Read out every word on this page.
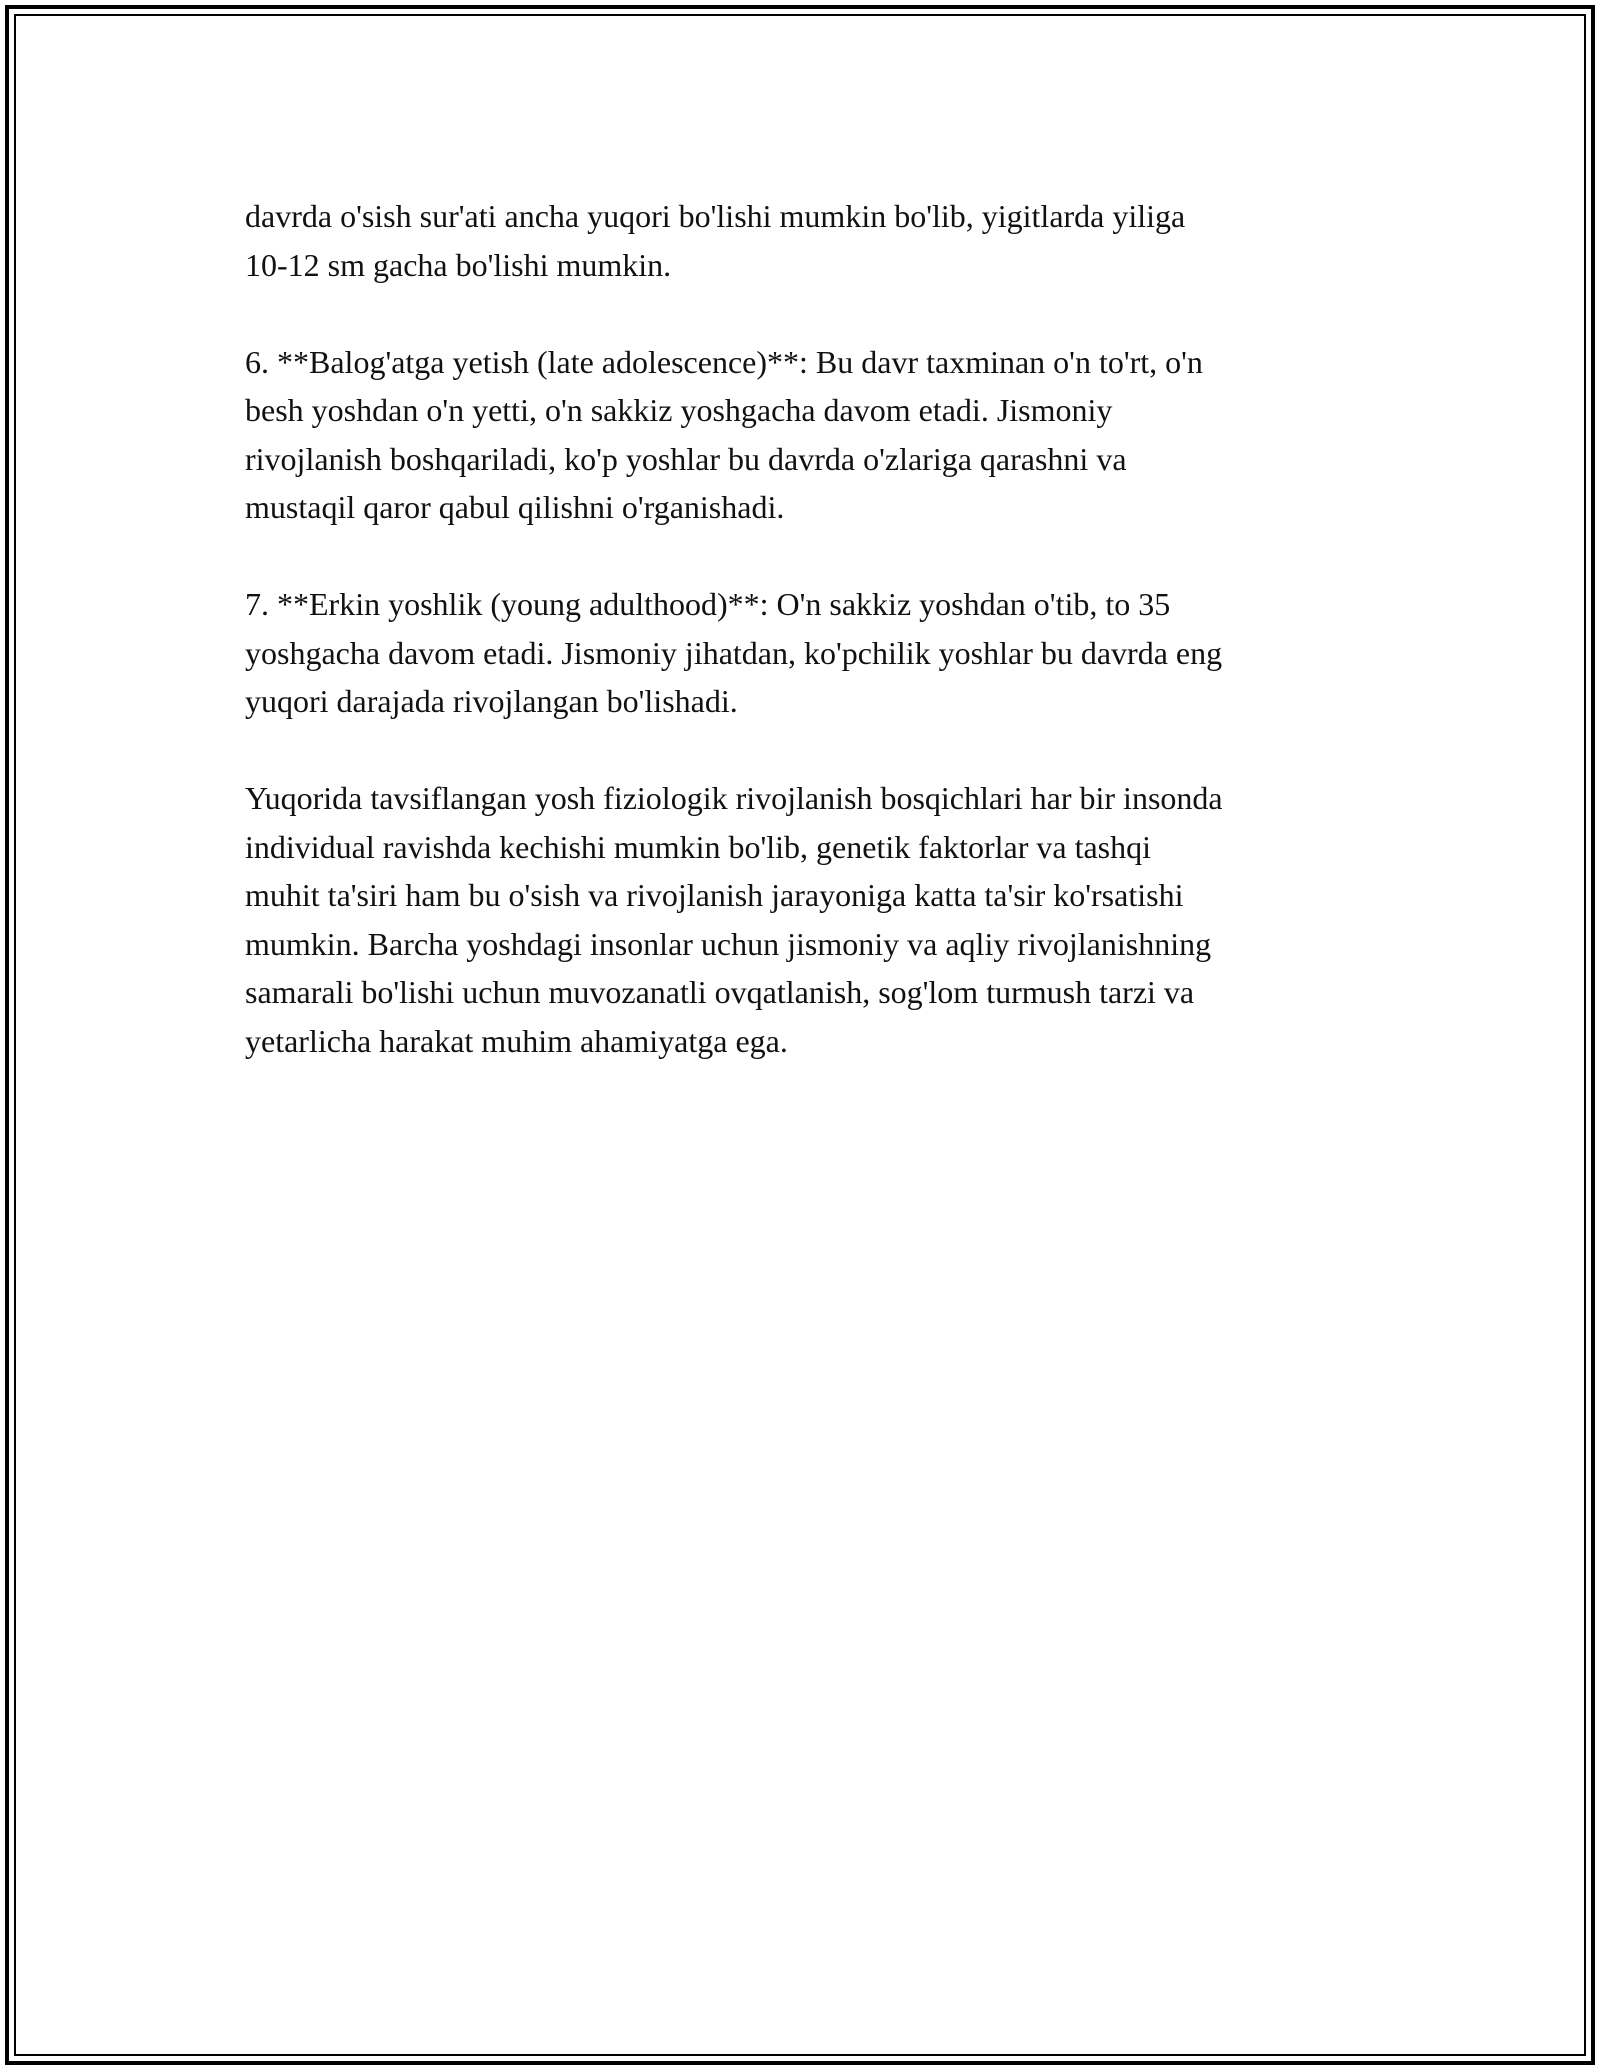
davrda o'sish sur'ati ancha yuqori bo'lishi mumkin bo'lib, yigitlarda yiliga
10-12 sm gacha bo'lishi mumkin.

6. **Balog'atga yetish (late adolescence)**: Bu davr taxminan o'n to'rt, o'n
besh yoshdan o'n yetti, o'n sakkiz yoshgacha davom etadi. Jismoniy
rivojlanish boshqariladi, ko'p yoshlar bu davrda o'zlariga qarashni va
mustaqil qaror qabul qilishni o'rganishadi.

7. **Erkin yoshlik (young adulthood)**: O'n sakkiz yoshdan o'tib, to 35
yoshgacha davom etadi. Jismoniy jihatdan, ko'pchilik yoshlar bu davrda eng
yuqori darajada rivojlangan bo'lishadi.

Yuqorida tavsiflangan yosh fiziologik rivojlanish bosqichlari har bir insonda
individual ravishda kechishi mumkin bo'lib, genetik faktorlar va tashqi
muhit ta'siri ham bu o'sish va rivojlanish jarayoniga katta ta'sir ko'rsatishi
mumkin. Barcha yoshdagi insonlar uchun jismoniy va aqliy rivojlanishning
samarali bo'lishi uchun muvozanatli ovqatlanish, sog'lom turmush tarzi va
yetarlicha harakat muhim ahamiyatga ega.
